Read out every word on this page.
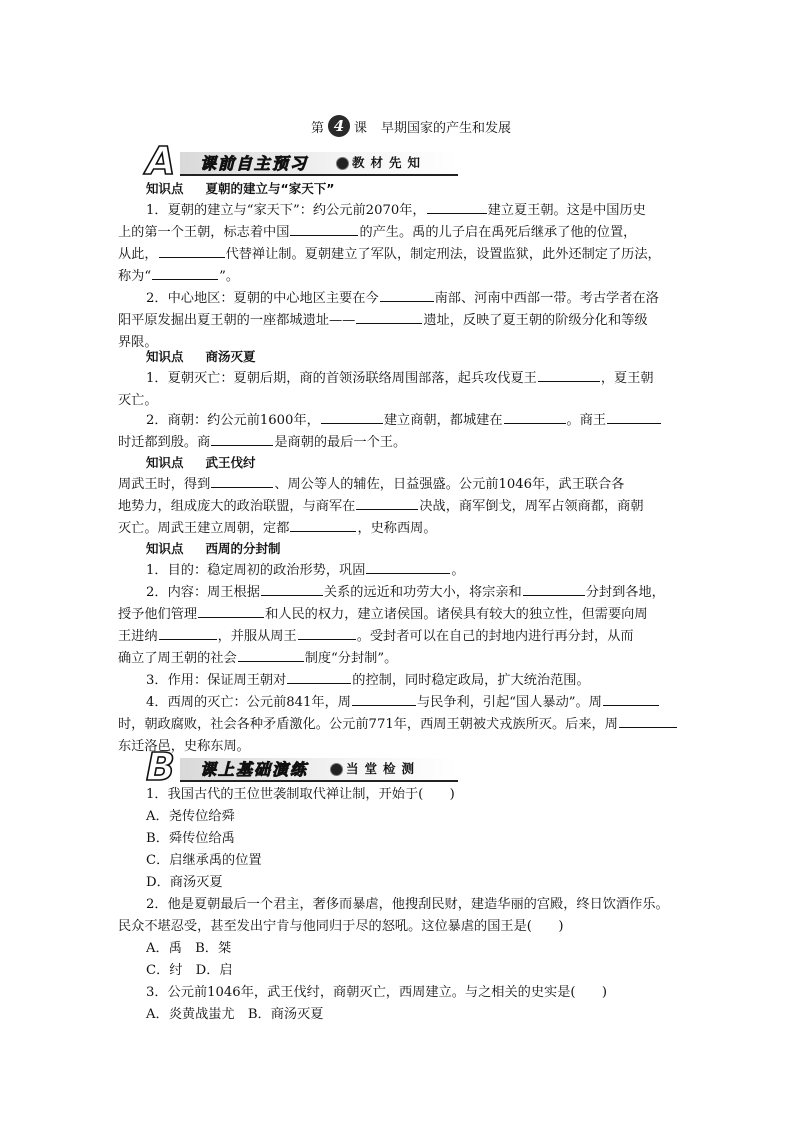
第 4 课 早期国家的产生和发展
A	课前自主预习	教材先知
知识点 夏朝的建立与“家天下”
1．夏朝的建立与“家天下”：约公元前2070年，	建立夏王朝。这是中国历史
上的第一个王朝，标志着中国	的产生。禹的儿子启在禹死后继承了他的位置，
从此，	代替禅让制。夏朝建立了军队，制定刑法，设置监狱，此外还制定了历法，
称为“	”。
2．中心地区：夏朝的中心地区主要在今	南部、河南中西部一带。考古学者在洛
阳平原发掘出夏王朝的一座都城遗址——	遗址，反映了夏王朝的阶级分化和等级
界限。
知识点 商汤灭夏
1．夏朝灭亡：夏朝后期，商的首领汤联络周围部落，起兵攻伐夏王	，夏王朝
灭亡。
2．商朝：约公元前1600年，	建立商朝，都城建在	。商王
时迁都到殷。商	是商朝的最后一个王。
知识点 武王伐纣
周武王时，得到	、周公等人的辅佐，日益强盛。公元前1046年，武王联合各
地势力，组成庞大的政治联盟，与商军在	决战，商军倒戈，周军占领商都，商朝
灭亡。周武王建立周朝，定都	，史称西周。
知识点 西周的分封制
1．目的：稳定周初的政治形势，巩固	。
2．内容：周王根据	关系的远近和功劳大小，将宗亲和	分封到各地，
授予他们管理	和人民的权力，建立诸侯国。诸侯具有较大的独立性，但需要向周
王进纳	，并服从周王	。受封者可以在自己的封地内进行再分封，从而
确立了周王朝的社会	制度“分封制”。
3．作用：保证周王朝对	的控制，同时稳定政局，扩大统治范围。
4．西周的灭亡：公元前841年，周	与民争利，引起“国人暴动”。周
时，朝政腐败，社会各种矛盾激化。公元前771年，西周王朝被犬戎族所灭。后来，周
东迁洛邑，史称东周。
B	课上基础演练	当堂检测
1．我国古代的王位世袭制取代禅让制，开始于(　　)
A．尧传位给舜
B．舜传位给禹
C．启继承禹的位置
D．商汤灭夏
2．他是夏朝最后一个君主，奢侈而暴虐，他搜刮民财，建造华丽的宫殿，终日饮酒作乐。
民众不堪忍受，甚至发出宁肯与他同归于尽的怒吼。这位暴虐的国王是(　　)
A．禹　B．桀
C．纣　D．启
3．公元前1046年，武王伐纣，商朝灭亡，西周建立。与之相关的史实是(　　)
A．炎黄战蚩尤　B．商汤灭夏
